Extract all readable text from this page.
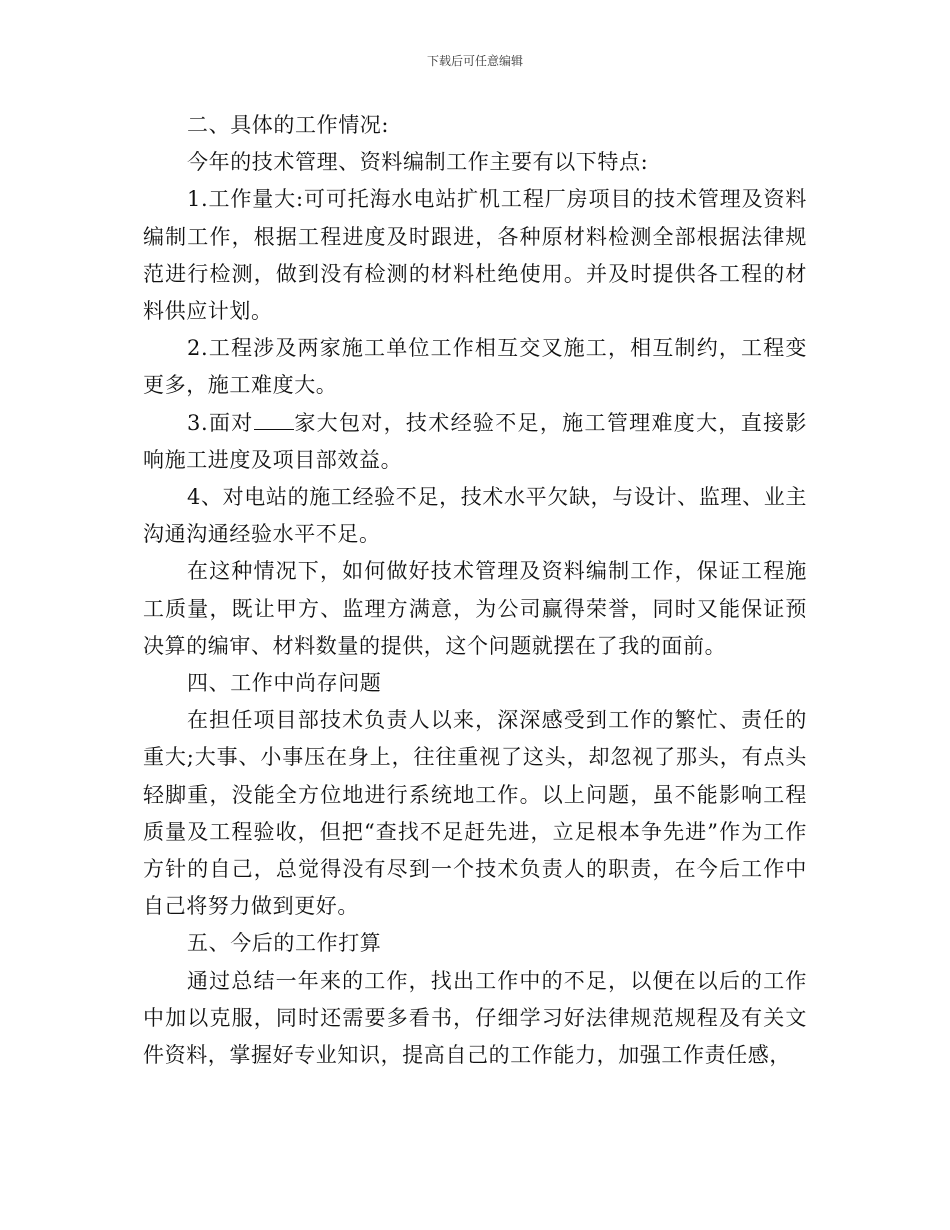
下载后可任意编辑

二、具体的工作情况:

今年的技术管理、资料编制工作主要有以下特点:

1.工作量大:可可托海水电站扩机工程厂房项目的技术管理及资料编制工作，根据工程进度及时跟进，各种原材料检测全部根据法律规范进行检测，做到没有检测的材料杜绝使用。并及时提供各工程的材料供应计划。

2.工程涉及两家施工单位工作相互交叉施工，相互制约，工程变更多，施工难度大。

3.面对 家大包对，技术经验不足，施工管理难度大，直接影响施工进度及项目部效益。

4、对电站的施工经验不足，技术水平欠缺，与设计、监理、业主沟通沟通经验水平不足。

在这种情况下，如何做好技术管理及资料编制工作，保证工程施工质量，既让甲方、监理方满意，为公司赢得荣誉，同时又能保证预决算的编审、材料数量的提供，这个问题就摆在了我的面前。

四、工作中尚存问题

在担任项目部技术负责人以来，深深感受到工作的繁忙、责任的重大;大事、小事压在身上，往往重视了这头，却忽视了那头，有点头轻脚重，没能全方位地进行系统地工作。以上问题，虽不能影响工程质量及工程验收，但把“查找不足赶先进，立足根本争先进”作为工作方针的自己，总觉得没有尽到一个技术负责人的职责，在今后工作中自己将努力做到更好。

五、今后的工作打算

通过总结一年来的工作，找出工作中的不足，以便在以后的工作中加以克服，同时还需要多看书，仔细学习好法律规范规程及有关文件资料，掌握好专业知识，提高自己的工作能力，加强工作责任感，
